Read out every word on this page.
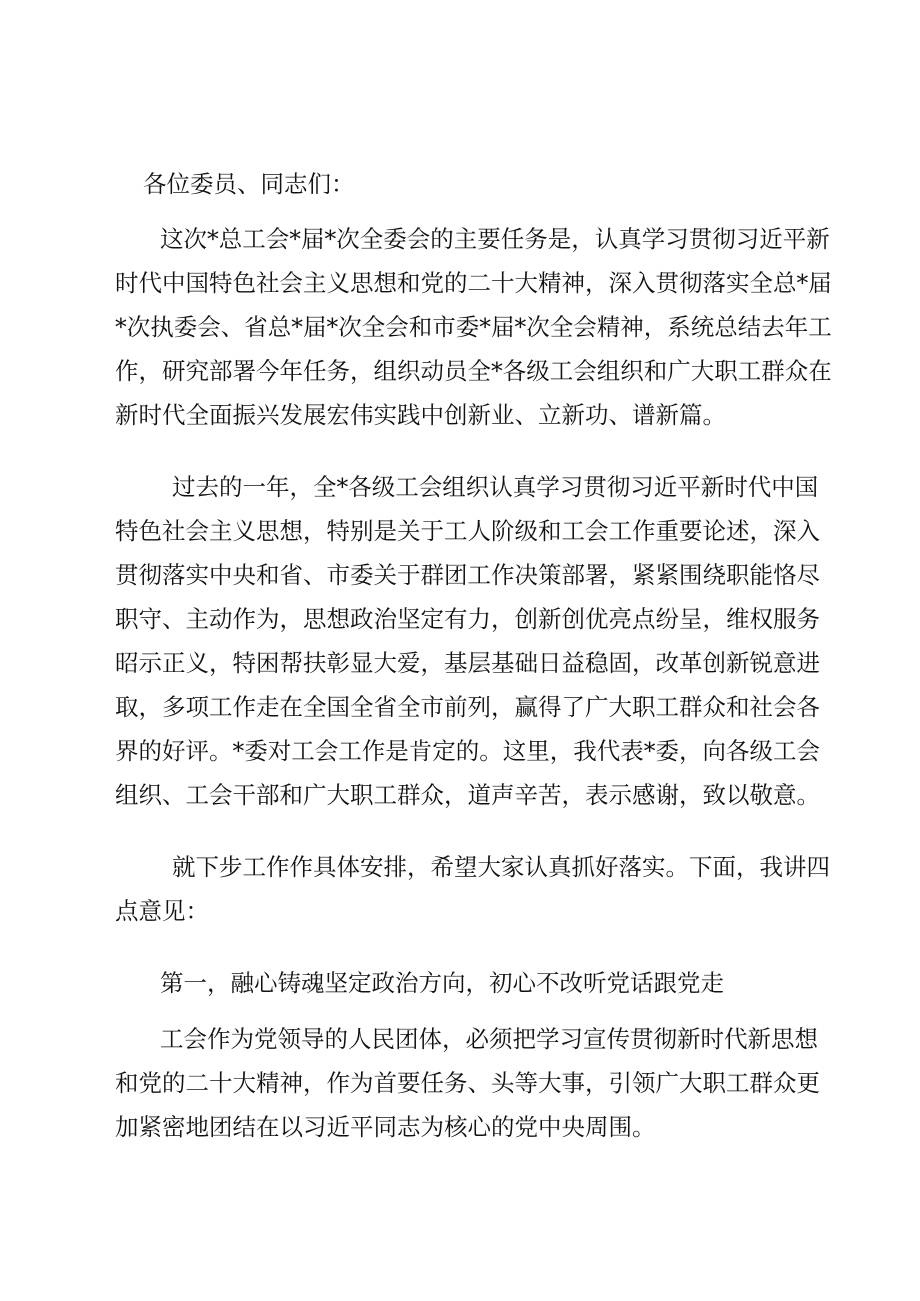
各位委员、同志们：

这次*总工会*届*次全委会的主要任务是，认真学习贯彻习近平新

时代中国特色社会主义思想和党的二十大精神，深入贯彻落实全总*届

*次执委会、省总*届*次全会和市委*届*次全会精神，系统总结去年工

作，研究部署今年任务，组织动员全*各级工会组织和广大职工群众在

新时代全面振兴发展宏伟实践中创新业、立新功、谱新篇。

过去的一年，全*各级工会组织认真学习贯彻习近平新时代中国

特色社会主义思想，特别是关于工人阶级和工会工作重要论述，深入

贯彻落实中央和省、市委关于群团工作决策部署，紧紧围绕职能恪尽

职守、主动作为，思想政治坚定有力，创新创优亮点纷呈，维权服务

昭示正义，特困帮扶彰显大爱，基层基础日益稳固，改革创新锐意进

取，多项工作走在全国全省全市前列，赢得了广大职工群众和社会各

界的好评。*委对工会工作是肯定的。这里，我代表*委，向各级工会

组织、工会干部和广大职工群众，道声辛苦，表示感谢，致以敬意。

就下步工作作具体安排，希望大家认真抓好落实。下面，我讲四

点意见：

第一，融心铸魂坚定政治方向，初心不改听党话跟党走

工会作为党领导的人民团体，必须把学习宣传贯彻新时代新思想

和党的二十大精神，作为首要任务、头等大事，引领广大职工群众更

加紧密地团结在以习近平同志为核心的党中央周围。
